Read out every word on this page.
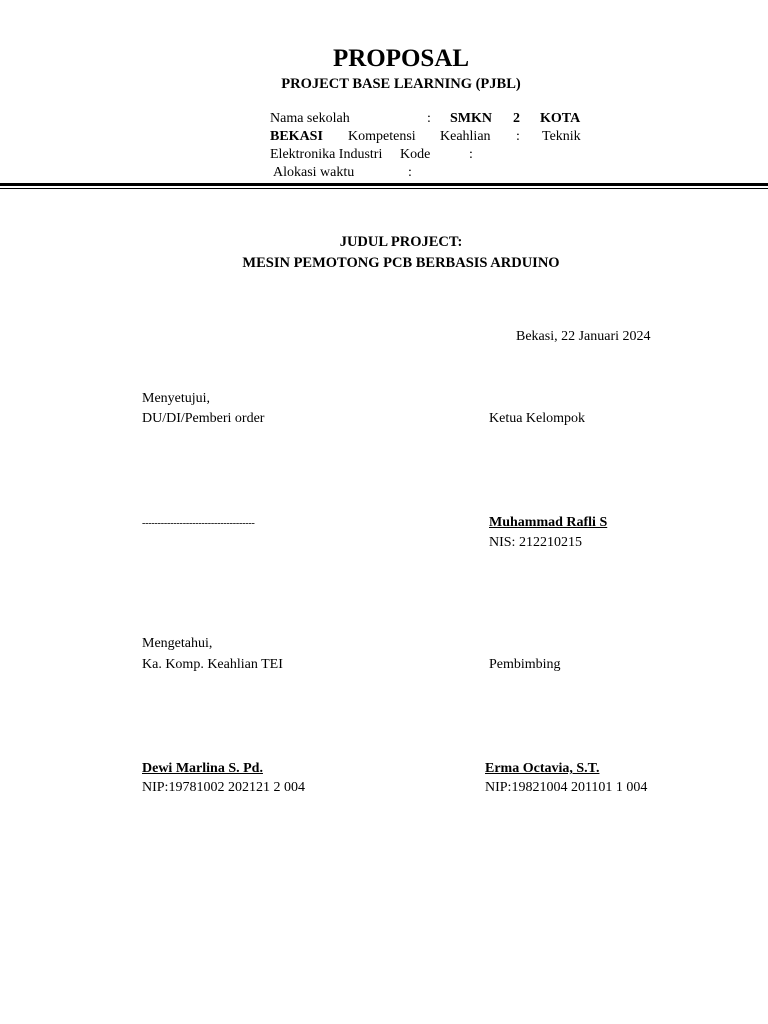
PROPOSAL
PROJECT BASE LEARNING (PJBL)
Nama sekolah	: SMKN 2 KOTA
BEKASI Kompetensi Keahlian : Teknik
Elektronika Industri Kode	:
Alokasi waktu	:
JUDUL PROJECT:
MESIN PEMOTONG PCB BERBASIS ARDUINO
Bekasi, 22 Januari 2024
Menyetujui,
DU/DI/Pemberi order	Ketua Kelompok
------------------------------------	Muhammad Rafli S
NIS: 212210215
Mengetahui,
Ka. Komp. Keahlian TEI	Pembimbing
Dewi Marlina S. Pd.
NIP:19781002 202121 2 004
Erma Octavia, S.T.
NIP:19821004 201101 1 004
